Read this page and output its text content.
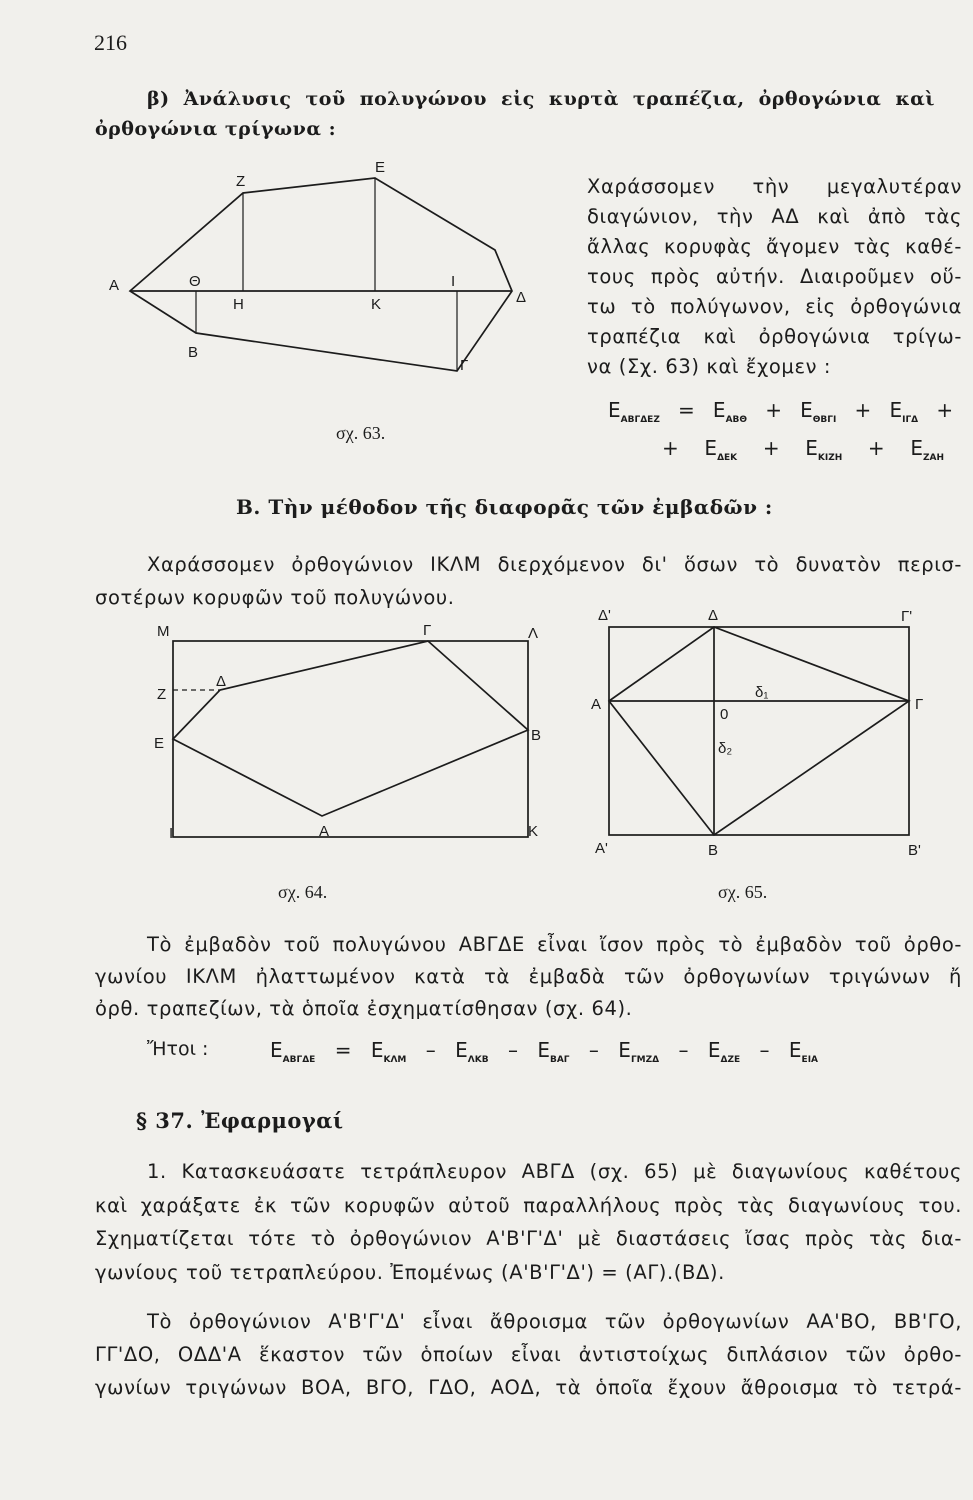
216
β) Ἀνάλυσις τοῦ πολυγώνου εἰς κυρτὰ τραπέζια, ὀρθογώνια καὶ
ὀρθογώνια τρίγωνα :
Α
Ζ
Ε
Θ
Η	Κ
Ι
Δ
Β
Γ
Χαράσσομεν τὴν μεγαλυτέραν
διαγώνιον, τὴν ΑΔ καὶ ἀπὸ τὰς
ἄλλας κορυφὰς ἄγομεν τὰς καθέ-
τους πρὸς αὐτήν. Διαιροῦμεν οὕ-
τω τὸ πολύγωνον, εἰς ὀρθογώνια
τραπέζια καὶ ὀρθογώνια τρίγω-
να (Σχ. 63) καὶ ἔχομεν :
$E_{AB\Gamma\Delta EZ} = E_{AB\Theta} + E_{\Theta B\Gamma I} + E_{I\Gamma\Delta}$ +
+ $E_{\Delta EK} + E_{KIZH} + E_{ZAH}$
σχ. 63.
Β. Τὴν μέθοδον τῆς διαφορᾶς τῶν ἐμβαδῶν :
Χαράσσομεν ὀρθογώνιον ΙΚΛΜ διερχόμενον δι' ὅσων τὸ δυνατὸν περισ-
σοτέρων κορυφῶν τοῦ πολυγώνου.
Μ	Γ	Λ
Ζ
Δ
Ε	Β
Ι	Α	Κ
Δ'	Δ	Γ'
Α
δ₁
0
Γ
δ₂
Α'	Β	Β'
σχ. 64.	σχ. 65.
Τὸ ἐμβαδὸν τοῦ πολυγώνου ΑΒΓΔΕ εἶναι ἴσον πρὸς τὸ ἐμβαδὸν τοῦ ὀρθο-
γωνίου ΙΚΛΜ ἠλαττωμένον κατὰ τὰ ἐμβαδὰ τῶν ὀρθογωνίων τριγώνων ἤ
ὀρθ. τραπεζίων, τὰ ὁποῖα ἐσχηματίσθησαν (σχ. 64).
Ἤτοι :	$E_{AB\Gamma\Delta E} = E_{K\Lambda M} - E_{\Lambda KB} - E_{BA\Gamma} - E_{\Gamma MZ\Delta} - E_{\Delta ZE} - E_{EIA}$
§ 37. Ἐφαρμογαί
1. Κατασκευάσατε τετράπλευρον ΑΒΓΔ (σχ. 65) μὲ διαγωνίους καθέτους
καὶ χαράξατε ἐκ τῶν κορυφῶν αὐτοῦ παραλλήλους πρὸς τὰς διαγωνίους του.
Σχηματίζεται τότε τὸ ὀρθογώνιον Α'Β'Γ'Δ' μὲ διαστάσεις ἴσας πρὸς τὰς δια-
γωνίους τοῦ τετραπλεύρου. Ἐπομένως (Α'Β'Γ'Δ') = (ΑΓ).(ΒΔ).
Τὸ ὀρθογώνιον Α'Β'Γ'Δ' εἶναι ἄθροισμα τῶν ὀρθογωνίων ΑΑ'ΒΟ, ΒΒ'ΓΟ,
ΓΓ'ΔΟ, ΟΔΔ'Α ἕκαστον τῶν ὁποίων εἶναι ἀντιστοίχως διπλάσιον τῶν ὀρθο-
γωνίων τριγώνων ΒΟΑ, ΒΓΟ, ΓΔΟ, ΑΟΔ, τὰ ὁποῖα ἔχουν ἄθροισμα τὸ τετρά-
